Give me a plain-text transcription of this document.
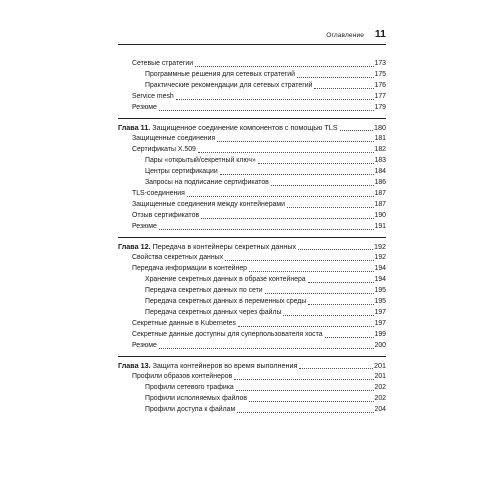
Оглавление 11
Сетевые стратегии	173
Программные решения для сетевых стратегий	175
Практические рекомендации для сетевых стратегий	176
Service mesh	177
Резюме	179
Глава 11. Защищенное соединение компонентов с помощью TLS	180
Защищенные соединения	181
Сертификаты X.509	182
Пары «открытый/секретный ключ»	183
Центры сертификации	184
Запросы на подписание сертификатов	186
TLS-соединения	187
Защищенные соединения между контейнерами	187
Отзыв сертификатов	190
Резюме	191
Глава 12. Передача в контейнеры секретных данных	192
Свойства секретных данных	192
Передача информации в контейнер	194
Хранение секретных данных в образе контейнера	194
Передача секретных данных по сети	195
Передача секретных данных в переменных среды	195
Передача секретных данных через файлы	197
Секретные данные в Kubernetes	197
Секретные данные доступны для суперпользователя хоста	199
Резюме	200
Глава 13. Защита контейнеров во время выполнения	201
Профили образов контейнеров	201
Профили сетевого трафика	202
Профили исполняемых файлов	202
Профили доступа к файлам	204
